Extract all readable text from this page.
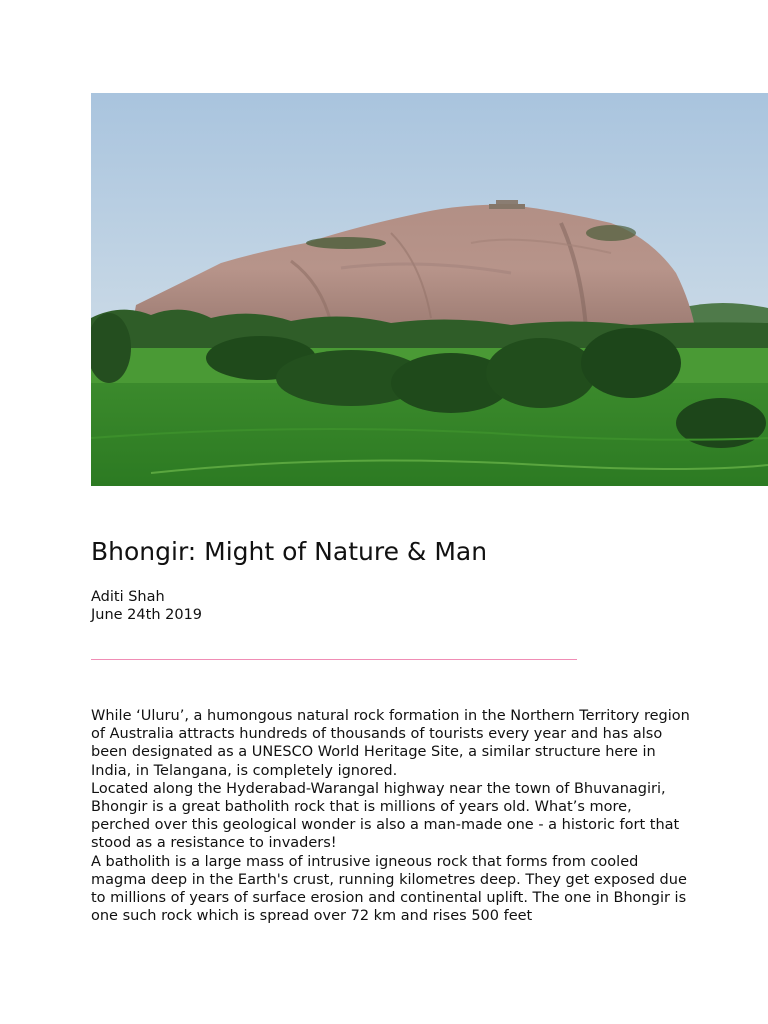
Bhongir: Might of Nature & Man
Aditi Shah
June 24th 2019

While ‘Uluru’, a humongous natural rock formation in the Northern Territory region of Australia attracts hundreds of thousands of tourists every year and has also been designated as a UNESCO World Heritage Site, a similar structure here in India, in Telangana, is completely ignored.

Located along the Hyderabad-Warangal highway near the town of Bhuvanagiri, Bhongir is a great batholith rock that is millions of years old. What’s more, perched over this geological wonder is also a man-made one - a historic fort that stood as a resistance to invaders!

A batholith is a large mass of intrusive igneous rock that forms from cooled magma deep in the Earth's crust, running kilometres deep. They get exposed due to millions of years of surface erosion and continental uplift. The one in Bhongir is one such rock which is spread over 72 km and rises 500 feet
